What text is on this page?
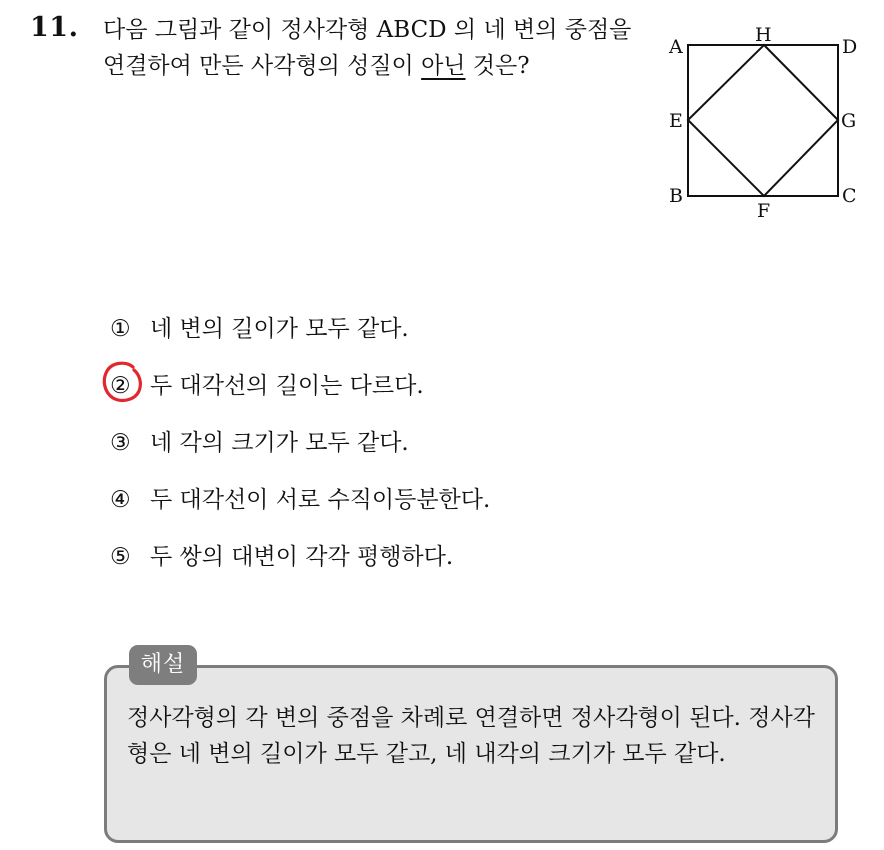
11. 다음 그림과 같이 정사각형 ABCD 의 네 변의 중점을 연결하여 만든 사각형의 성질이 아닌 것은?
A
H
D
E	G
B	C
F
① 네 변의 길이가 모두 같다.
② 두 대각선의 길이는 다르다.
③ 네 각의 크기가 모두 같다.
④ 두 대각선이 서로 수직이등분한다.
⑤ 두 쌍의 대변이 각각 평행하다.
해설
정사각형의 각 변의 중점을 차례로 연결하면 정사각형이 된다. 정사각형은 네 변의 길이가 모두 같고, 네 내각의 크기가 모두 같다.
